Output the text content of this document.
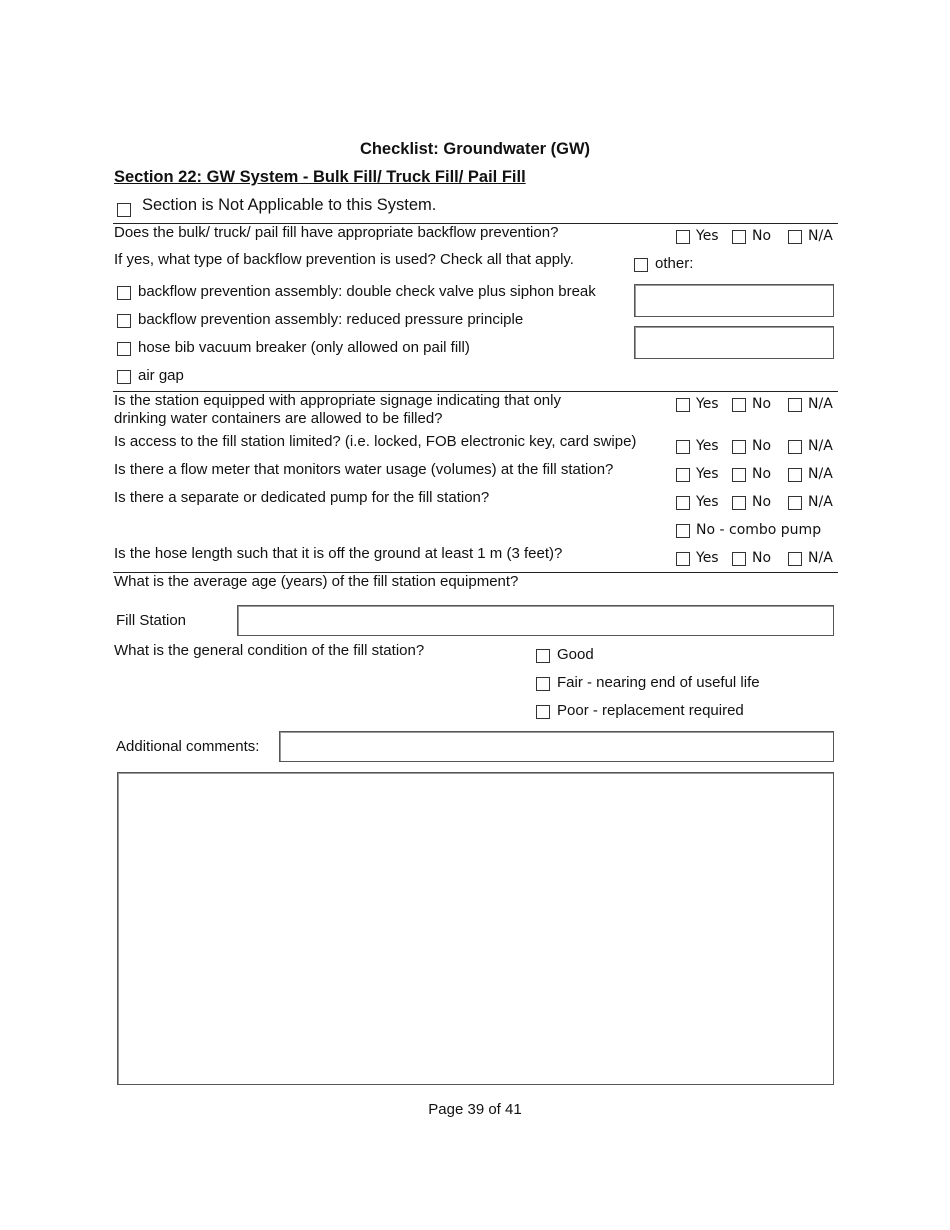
Checklist: Groundwater (GW)
Section 22: GW System - Bulk Fill/ Truck Fill/ Pail Fill
Section is Not Applicable to this System.
Does the bulk/ truck/ pail fill have appropriate backflow prevention?	Yes No	N/A
If yes, what type of backflow prevention is used? Check all that apply.	other:
backflow prevention assembly: double check valve plus siphon break
backflow prevention assembly: reduced pressure principle
hose bib vacuum breaker (only allowed on pail fill)
air gap
Is the station equipped with appropriate signage indicating that only
drinking water containers are allowed to be filled?
Yes No	N/A
Is access to the fill station limited? (i.e. locked, FOB electronic key, card swipe)	Yes No	N/A
Is there a flow meter that monitors water usage (volumes) at the fill station?	Yes No	N/A
Is there a separate or dedicated pump for the fill station?	Yes No	N/A
No - combo pump
Is the hose length such that it is off the ground at least 1 m (3 feet)?	Yes No	N/A
What is the average age (years) of the fill station equipment?
Fill Station
What is the general condition of the fill station?	Good
Fair - nearing end of useful life
Poor - replacement required
Additional comments:
Page 39 of 41
